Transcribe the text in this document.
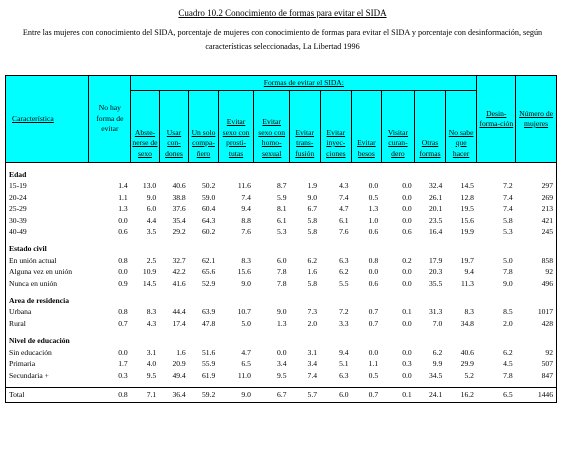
Cuadro 10.2 Conocimiento de formas para evitar el SIDA
Entre las mujeres con conocimiento del SIDA, porcentaje de mujeres con conocimiento de formas para evitar el SIDA y porcentaje con desinformación, según características seleccionadas, La Libertad 1996
Característica	No hay forma de evitar	Formas de evitar el SIDA:											Desin-forma-ción	Número de mujeres
		Abste-nerse de sexo	Usar con-dones	Un solo compa-ñero	Evitar sexo con prosti-tutas	Evitar sexo con homo-sexual	Evitar trans-fusión	Evitar inyec-ciones	Evitar besos	Visitar curan-dero	Otras formas	No sabe que hacer		

Edad														
15-19	1.4	13.0	40.6	50.2	11.6	8.7	1.9	4.3	0.0	0.0	32.4	14.5	7.2	297
20-24	1.1	9.0	38.8	59.0	7.4	5.9	9.0	7.4	0.5	0.0	26.1	12.8	7.4	269
25-29	1.3	6.0	37.6	60.4	9.4	8.1	6.7	4.7	1.3	0.0	20.1	19.5	7.4	213
30-39	0.0	4.4	35.4	64.3	8.8	6.1	5.8	6.1	1.0	0.0	23.5	15.6	5.8	421
40-49	0.6	3.5	29.2	60.2	7.6	5.3	5.8	7.6	0.6	0.6	16.4	19.9	5.3	245

Estado civil														
En unión actual	0.8	2.5	32.7	62.1	8.3	6.0	6.2	6.3	0.8	0.2	17.9	19.7	5.0	858
Alguna vez en unión	0.0	10.9	42.2	65.6	15.6	7.8	1.6	6.2	0.0	0.0	20.3	9.4	7.8	92
Nunca en unión	0.9	14.5	41.6	52.9	9.0	7.8	5.8	5.5	0.6	0.0	35.5	11.3	9.0	496

Area de residencia														
Urbana	0.8	8.3	44.4	63.9	10.7	9.0	7.3	7.2	0.7	0.1	31.3	8.3	8.5	1017
Rural	0.7	4.3	17.4	47.8	5.0	1.3	2.0	3.3	0.7	0.0	7.0	34.8	2.0	428

Nivel de educación														
Sin educación	0.0	3.1	1.6	51.6	4.7	0.0	3.1	9.4	0.0	0.0	6.2	40.6	6.2	92
Primaria	1.7	4.0	20.9	55.9	6.5	3.4	3.4	5.1	1.1	0.3	9.9	29.9	4.5	507
Secundaria +	0.3	9.5	49.4	61.9	11.0	9.5	7.4	6.3	0.5	0.0	34.5	5.2	7.8	847

Total	0.8	7.1	36.4	59.2	9.0	6.7	5.7	6.0	0.7	0.1	24.1	16.2	6.5	1446
